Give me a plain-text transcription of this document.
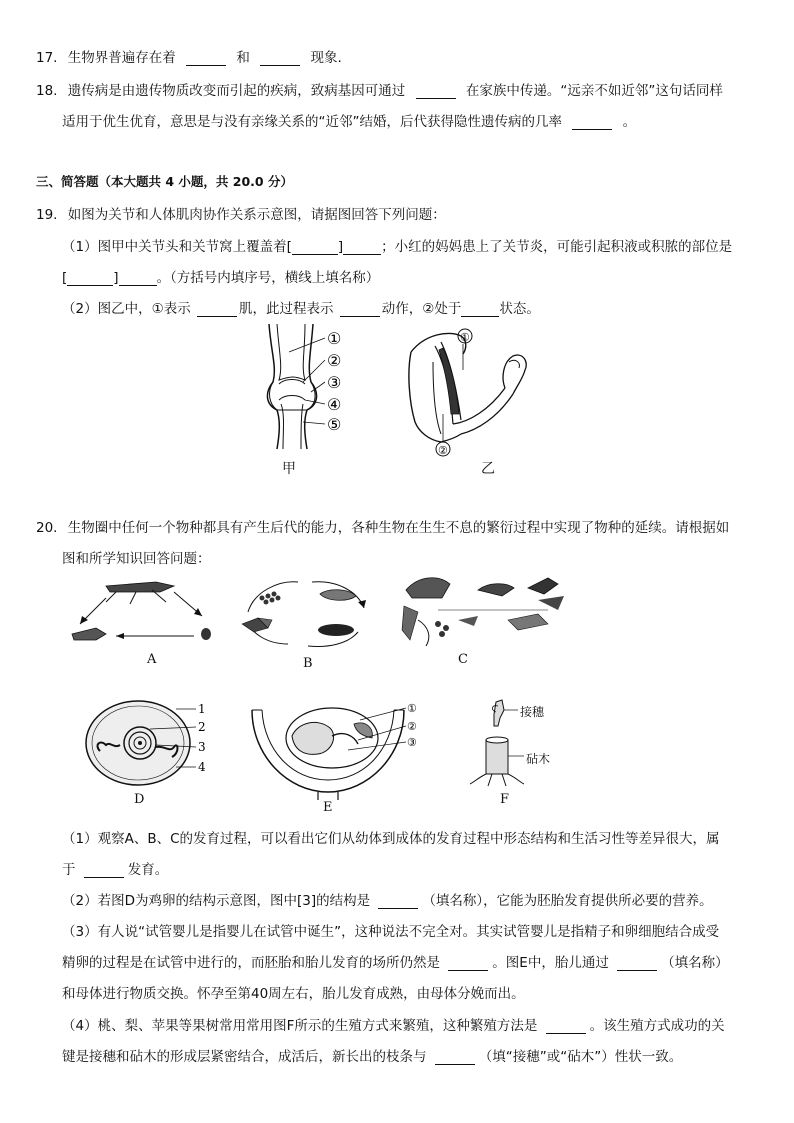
17. 生物界普遍存在着	和	现象.
18. 遗传病是由遗传物质改变而引起的疾病，致病基因可通过	在家族中传递。“远亲不如近邻”这句话同样
适用于优生优育，意思是与没有亲缘关系的“近邻”结婚，后代获得隐性遗传病的几率	。
三、简答题（本大题共 4 小题，共 20.0 分）
19. 如图为关节和人体肌肉协作关系示意图，请据图回答下列问题：
（1）图甲中关节头和关节窝上覆盖着[	]	；小红的妈妈患上了关节炎，可能引起积液或积脓的部位是
[	]	。（方括号内填序号，横线上填名称）
（2）图乙中，①表示	肌，此过程表示	动作，②处于	状态。
①
②
③
④
⑤
甲
①
②
乙
20. 生物圈中任何一个物种都具有产生后代的能力，各种生物在生生不息的繁衍过程中实现了物种的延续。请根据如
图和所学知识回答问题：
A	B	C
1
2
3
4
D
①
②
③
E
接穗
砧木
F
（1）观察A、B、C的发育过程，可以看出它们从幼体到成体的发育过程中形态结构和生活习性等差异很大，属
于	发育。
（2）若图D为鸡卵的结构示意图，图中[3]的结构是	（填名称），它能为胚胎发育提供所必要的营养。
（3）有人说“试管婴儿是指婴儿在试管中诞生”，这种说法不完全对。其实试管婴儿是指精子和卵细胞结合成受
精卵的过程是在试管中进行的，而胚胎和胎儿发育的场所仍然是	。图E中，胎儿通过	（填名称）
和母体进行物质交换。怀孕至第40周左右，胎儿发育成熟，由母体分娩而出。
（4）桃、梨、苹果等果树常用常用图F所示的生殖方式来繁殖，这种繁殖方法是	。该生殖方式成功的关
键是接穗和砧木的形成层紧密结合，成活后，新长出的枝条与	（填“接穗”或“砧木”）性状一致。
